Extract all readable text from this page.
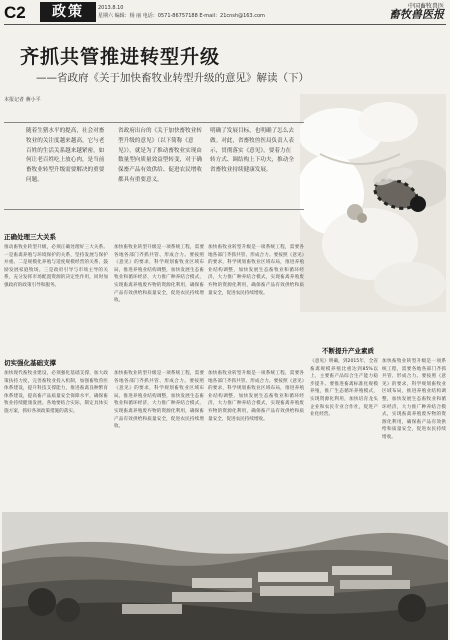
C2	政策	2013.8.10
星期六 编辑：杨 丽 电话：0571-86757188 E-mail：21cnsh@163.com
中国畜牧兽医
畜牧兽医报
齐抓共管推进转型升级
——省政府《关于加快畜牧业转型升级的意见》解读（下）
本报记者 蔣小平
随着生猪水平的提高，社会对畜牧业的关注度越来越高，它与老百姓的生活关系越来越紧密，如何让老百姓吃上放心肉，是当前畜牧业转型升级需要解决的重要问题。
省政府出台的《关于加快畜牧业转型升级的意见》（以下简称《意见》），就是为了推动畜牧业实现由数量型向质量效益型转变，对于确保畜产品有效供给、促进农民增收都具有重要意义。
明确了发展目标，也明确了怎么去做。对此，省畜牧兽医局负责人表示，贯彻落实《意见》，要着力在转方式、调结构上下功夫，推动全省畜牧业持续健康发展。
正确处理三大关系
推动畜牧业转型升级，必须正确处理好三大关系。一是畜禽养殖与环境保护的关系，坚持发展与保护并重。二是规模化养殖与适度规模经营的关系，鼓励发展家庭牧场。三是政府引导与市场主导的关系，充分发挥市场配置资源的决定性作用，同时加强政府的政策引导和服务。
加快畜牧业转型升级是一项系统工程，需要各地各部门齐抓共管、形成合力。要按照《意见》的要求，科学规划畜牧业区域布局，推进养殖业结构调整，加快发展生态畜牧业和循环经济，大力推广种养结合模式，实现畜禽养殖废弃物的资源化利用，确保畜产品有效供给和质量安全，促进农民持续增收。
加快畜牧业转型升级是一项系统工程，需要各地各部门齐抓共管、形成合力。要按照《意见》的要求，科学规划畜牧业区域布局，推进养殖业结构调整，加快发展生态畜牧业和循环经济，大力推广种养结合模式，实现畜禽养殖废弃物的资源化利用，确保畜产品有效供给和质量安全，促进农民持续增收。
切实强化基础支撑
加快现代畜牧业建设，必须强化基础支撑，加大政策扶持力度，完善畜牧业投入机制，加强畜牧兽医体系建设，提升科技支撑能力，推进畜禽良种繁育体系建设，提高畜产品质量安全保障水平，确保畜牧业持续健康发展。各地要结合实际，制定具体实施方案，抓好各项政策措施的落实。
加快畜牧业转型升级是一项系统工程，需要各地各部门齐抓共管、形成合力。要按照《意见》的要求，科学规划畜牧业区域布局，推进养殖业结构调整，加快发展生态畜牧业和循环经济，大力推广种养结合模式，实现畜禽养殖废弃物的资源化利用，确保畜产品有效供给和质量安全，促进农民持续增收。
加快畜牧业转型升级是一项系统工程，需要各地各部门齐抓共管、形成合力。要按照《意见》的要求，科学规划畜牧业区域布局，推进养殖业结构调整，加快发展生态畜牧业和循环经济，大力推广种养结合模式，实现畜禽养殖废弃物的资源化利用，确保畜产品有效供给和质量安全，促进农民持续增收。
不断提升产业素质
《意见》明确，到2015年，全省畜禽规模养殖比重达到85%以上，主要畜产品综合生产能力稳步提升。要推进畜禽标准化规模养殖，推广生态循环养殖模式，实现资源化利用，加快培育龙头企业和农民专业合作社，促进产业化经营。
加快畜牧业转型升级是一项系统工程，需要各地各部门齐抓共管、形成合力。要按照《意见》的要求，科学规划畜牧业区域布局，推进养殖业结构调整，加快发展生态畜牧业和循环经济，大力推广种养结合模式，实现畜禽养殖废弃物的资源化利用，确保畜产品有效供给和质量安全，促进农民持续增收。
